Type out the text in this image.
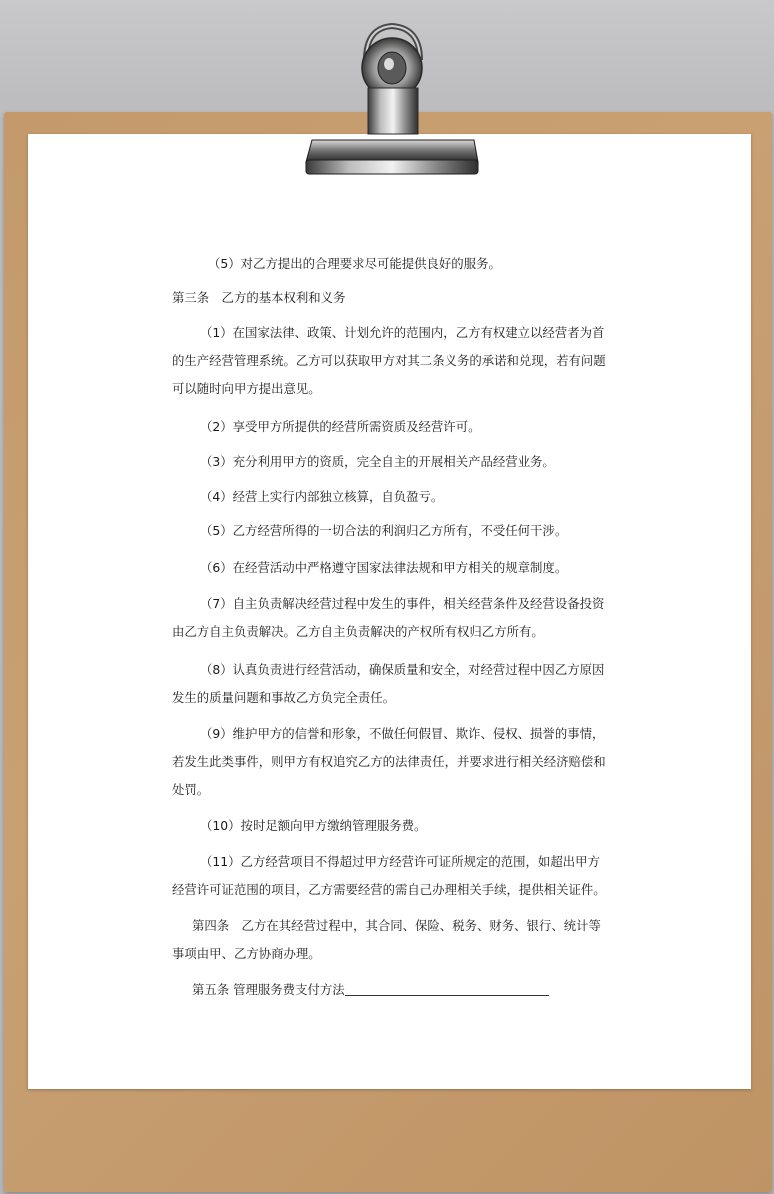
（5）对乙方提出的合理要求尽可能提供良好的服务。
第三条　乙方的基本权利和义务
（1）在国家法律、政策、计划允许的范围内，乙方有权建立以经营者为首
的生产经营管理系统。乙方可以获取甲方对其二条义务的承诺和兑现，若有问题
可以随时向甲方提出意见。
（2）享受甲方所提供的经营所需资质及经营许可。
（3）充分利用甲方的资质，完全自主的开展相关产品经营业务。
（4）经营上实行内部独立核算，自负盈亏。
（5）乙方经营所得的一切合法的利润归乙方所有，不受任何干涉。
（6）在经营活动中严格遵守国家法律法规和甲方相关的规章制度。
（7）自主负责解决经营过程中发生的事件，相关经营条件及经营设备投资
由乙方自主负责解决。乙方自主负责解决的产权所有权归乙方所有。
（8）认真负责进行经营活动，确保质量和安全，对经营过程中因乙方原因
发生的质量问题和事故乙方负完全责任。
（9）维护甲方的信誉和形象，不做任何假冒、欺诈、侵权、损誉的事情，
若发生此类事件，则甲方有权追究乙方的法律责任，并要求进行相关经济赔偿和
处罚。
（10）按时足额向甲方缴纳管理服务费。
（11）乙方经营项目不得超过甲方经营许可证所规定的范围，如超出甲方
经营许可证范围的项目，乙方需要经营的需自己办理相关手续，提供相关证件。
第四条　乙方在其经营过程中，其合同、保险、税务、财务、银行、统计等
事项由甲、乙方协商办理。
第五条 管理服务费支付方法
